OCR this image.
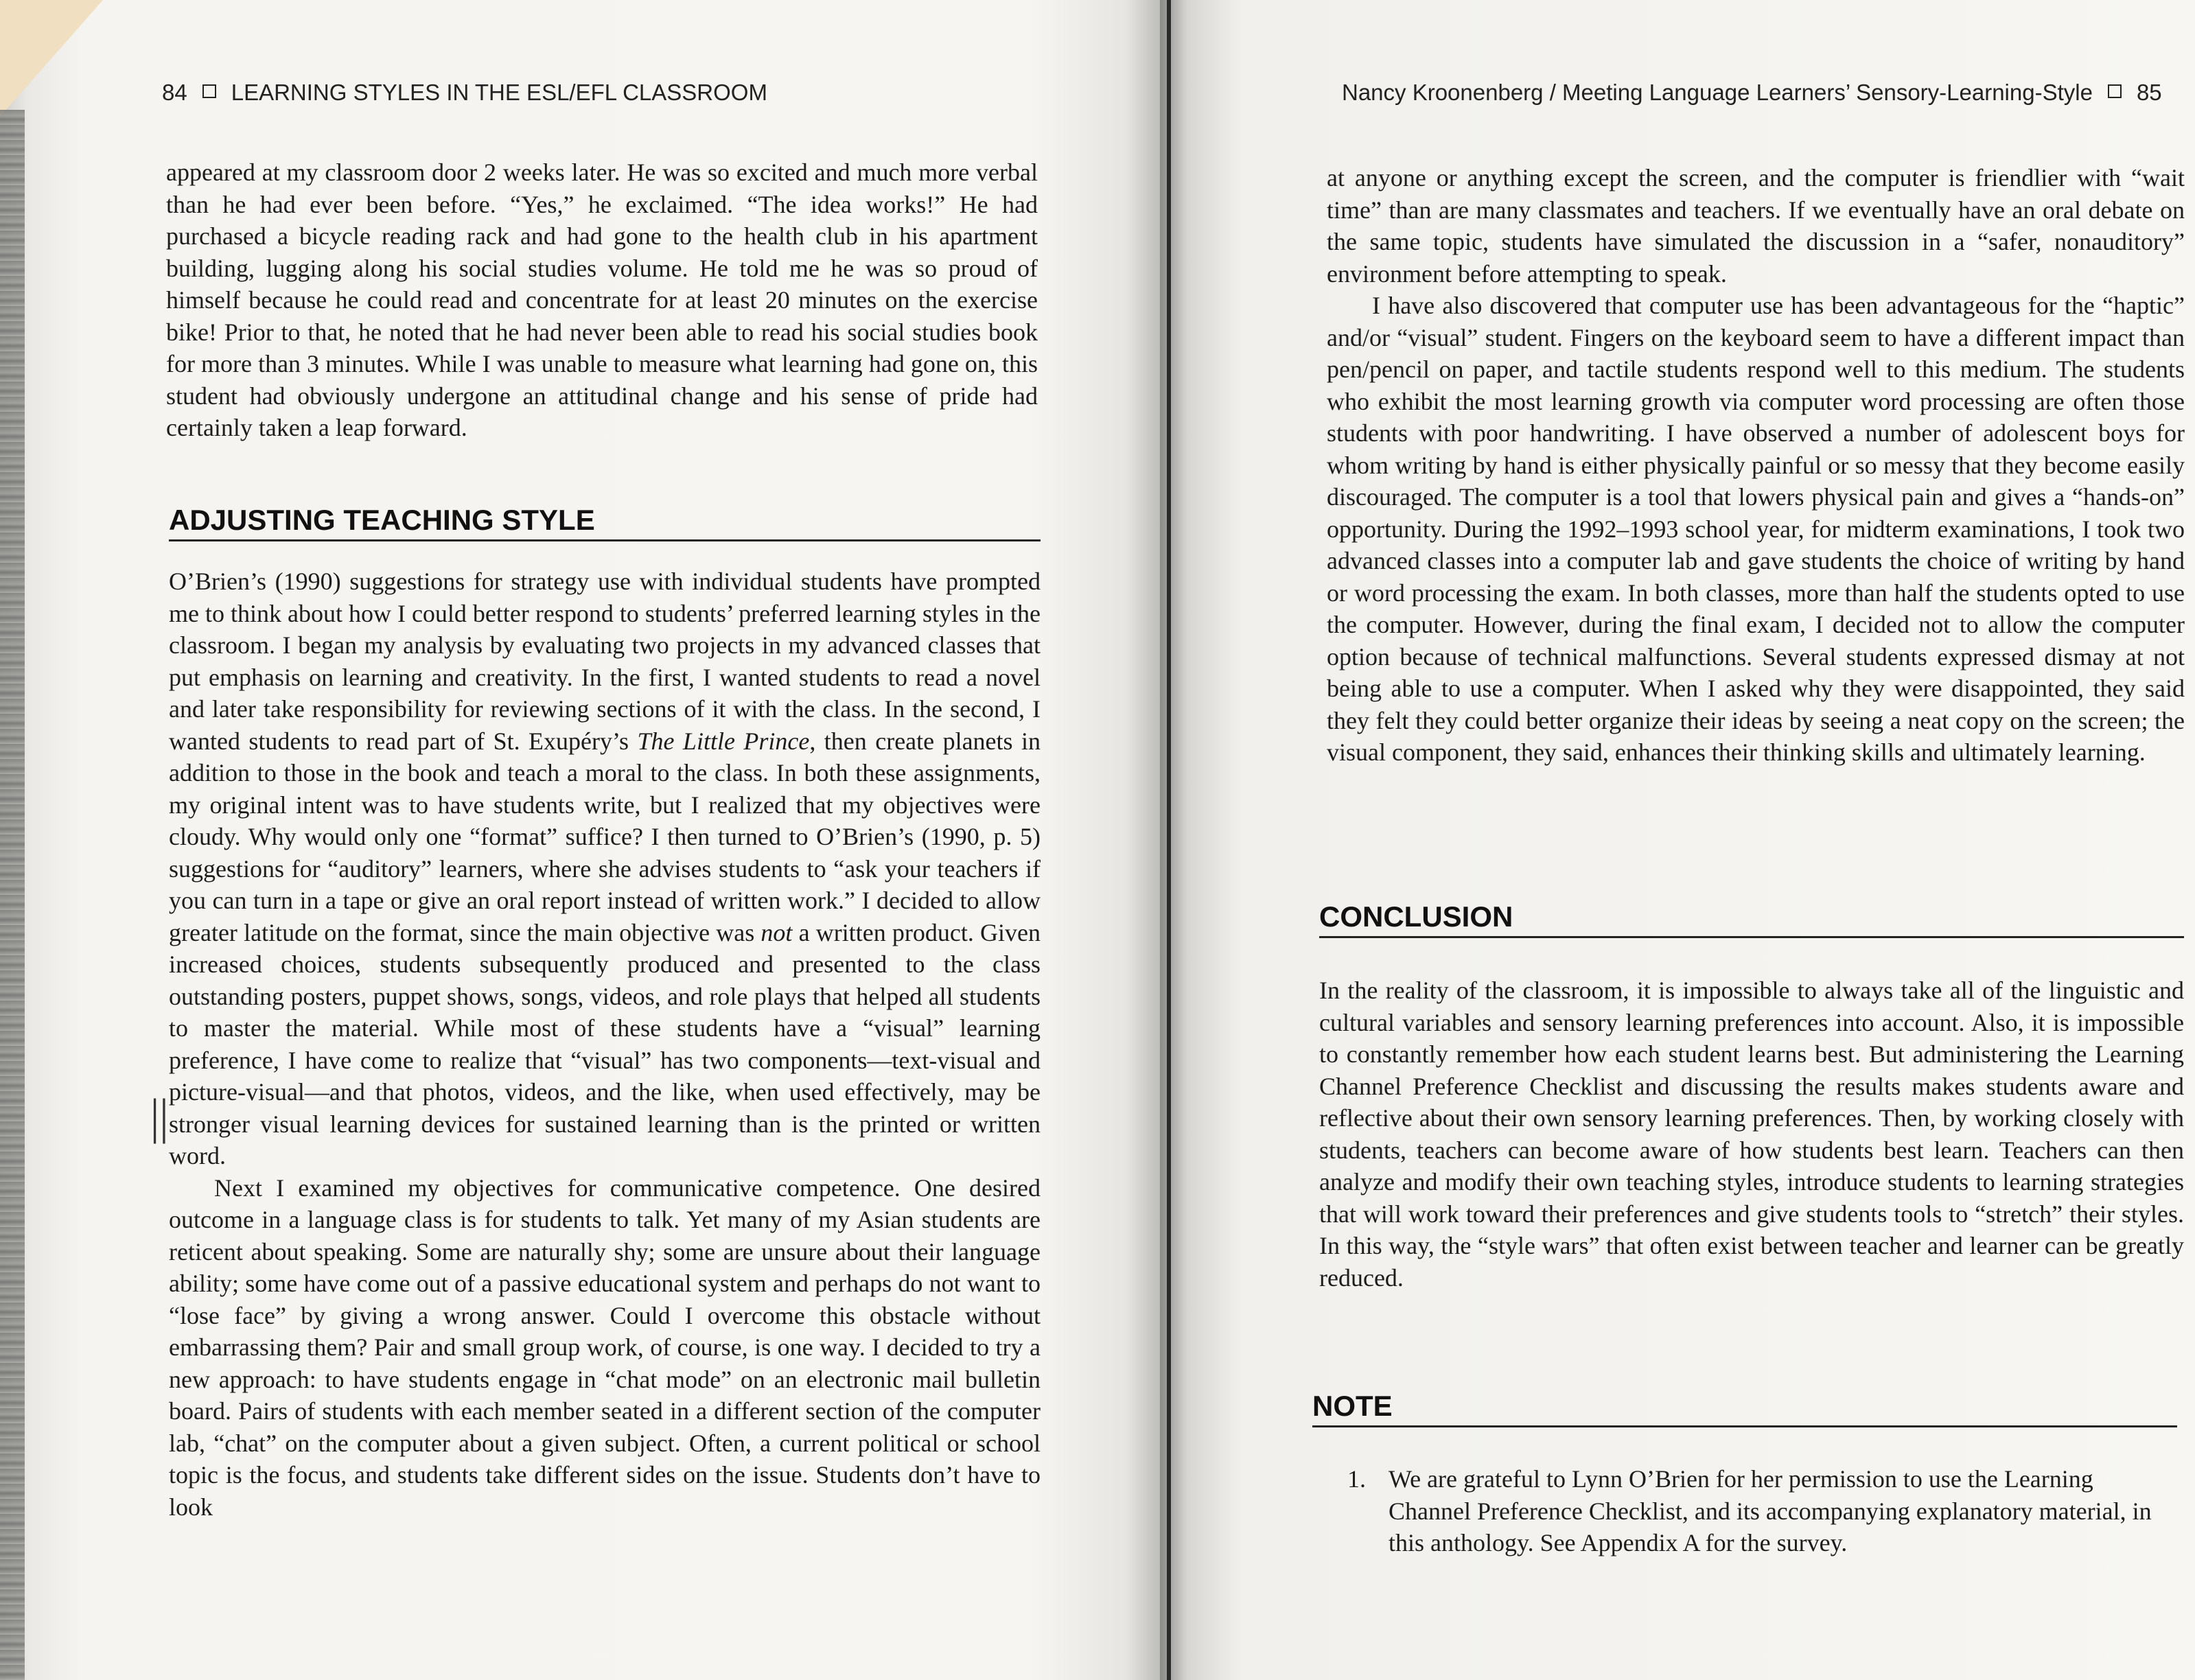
84 LEARNING STYLES IN THE ESL/EFL CLASSROOM

appeared at my classroom door 2 weeks later. He was so excited and much more verbal than he had ever been before. “Yes,” he exclaimed. “The idea works!” He had purchased a bicycle reading rack and had gone to the health club in his apartment building, lugging along his social studies volume. He told me he was so proud of himself because he could read and concentrate for at least 20 minutes on the exercise bike! Prior to that, he noted that he had never been able to read his social studies book for more than 3 minutes. While I was unable to measure what learning had gone on, this student had obviously undergone an attitudinal change and his sense of pride had certainly taken a leap forward.

ADJUSTING TEACHING STYLE

O’Brien’s (1990) suggestions for strategy use with individual students have prompted me to think about how I could better respond to students’ preferred learning styles in the classroom. I began my analysis by evaluating two projects in my advanced classes that put emphasis on learning and creativity. In the first, I wanted students to read a novel and later take responsibility for reviewing sections of it with the class. In the second, I wanted students to read part of St. Exupéry’s The Little Prince, then create planets in addition to those in the book and teach a moral to the class. In both these assignments, my original intent was to have students write, but I realized that my objectives were cloudy. Why would only one “format” suffice? I then turned to O’Brien’s (1990, p. 5) suggestions for “auditory” learners, where she advises students to “ask your teachers if you can turn in a tape or give an oral report instead of written work.” I decided to allow greater latitude on the format, since the main objective was not a written product. Given increased choices, students subsequently produced and presented to the class outstanding posters, puppet shows, songs, videos, and role plays that helped all students to master the material. While most of these students have a “visual” learning preference, I have come to realize that “visual” has two components—text-visual and picture-visual—and that photos, videos, and the like, when used effectively, may be stronger visual learning devices for sustained learning than is the printed or written word.

Next I examined my objectives for communicative competence. One desired outcome in a language class is for students to talk. Yet many of my Asian students are reticent about speaking. Some are naturally shy; some are unsure about their language ability; some have come out of a passive educational system and perhaps do not want to “lose face” by giving a wrong answer. Could I overcome this obstacle without embarrassing them? Pair and small group work, of course, is one way. I decided to try a new approach: to have students engage in “chat mode” on an electronic mail bulletin board. Pairs of students with each member seated in a different section of the computer lab, “chat” on the computer about a given subject. Often, a current political or school topic is the focus, and students take different sides on the issue. Students don’t have to look

||
Nancy Kroonenberg / Meeting Language Learners’ Sensory-Learning-Style 85

at anyone or anything except the screen, and the computer is friendlier with “wait time” than are many classmates and teachers. If we eventually have an oral debate on the same topic, students have simulated the discussion in a “safer, nonauditory” environment before attempting to speak.

I have also discovered that computer use has been advantageous for the “haptic” and/or “visual” student. Fingers on the keyboard seem to have a different impact than pen/pencil on paper, and tactile students respond well to this medium. The students who exhibit the most learning growth via computer word processing are often those students with poor handwriting. I have observed a number of adolescent boys for whom writing by hand is either physically painful or so messy that they become easily discouraged. The computer is a tool that lowers physical pain and gives a “hands-on” opportunity. During the 1992–1993 school year, for midterm examinations, I took two advanced classes into a computer lab and gave students the choice of writing by hand or word processing the exam. In both classes, more than half the students opted to use the computer. However, during the final exam, I decided not to allow the computer option because of technical malfunctions. Several students expressed dismay at not being able to use a computer. When I asked why they were disappointed, they said they felt they could better organize their ideas by seeing a neat copy on the screen; the visual component, they said, enhances their thinking skills and ultimately learning.

CONCLUSION

In the reality of the classroom, it is impossible to always take all of the linguistic and cultural variables and sensory learning preferences into account. Also, it is impossible to constantly remember how each student learns best. But administering the Learning Channel Preference Checklist and discussing the results makes students aware and reflective about their own sensory learning preferences. Then, by working closely with students, teachers can become aware of how students best learn. Teachers can then analyze and modify their own teaching styles, introduce students to learning strategies that will work toward their preferences and give students tools to “stretch” their styles. In this way, the “style wars” that often exist between teacher and learner can be greatly reduced.

NOTE
1. We are grateful to Lynn O’Brien for her permission to use the Learning Channel Preference Checklist, and its accompanying explanatory material, in this anthology. See Appendix A for the survey.
